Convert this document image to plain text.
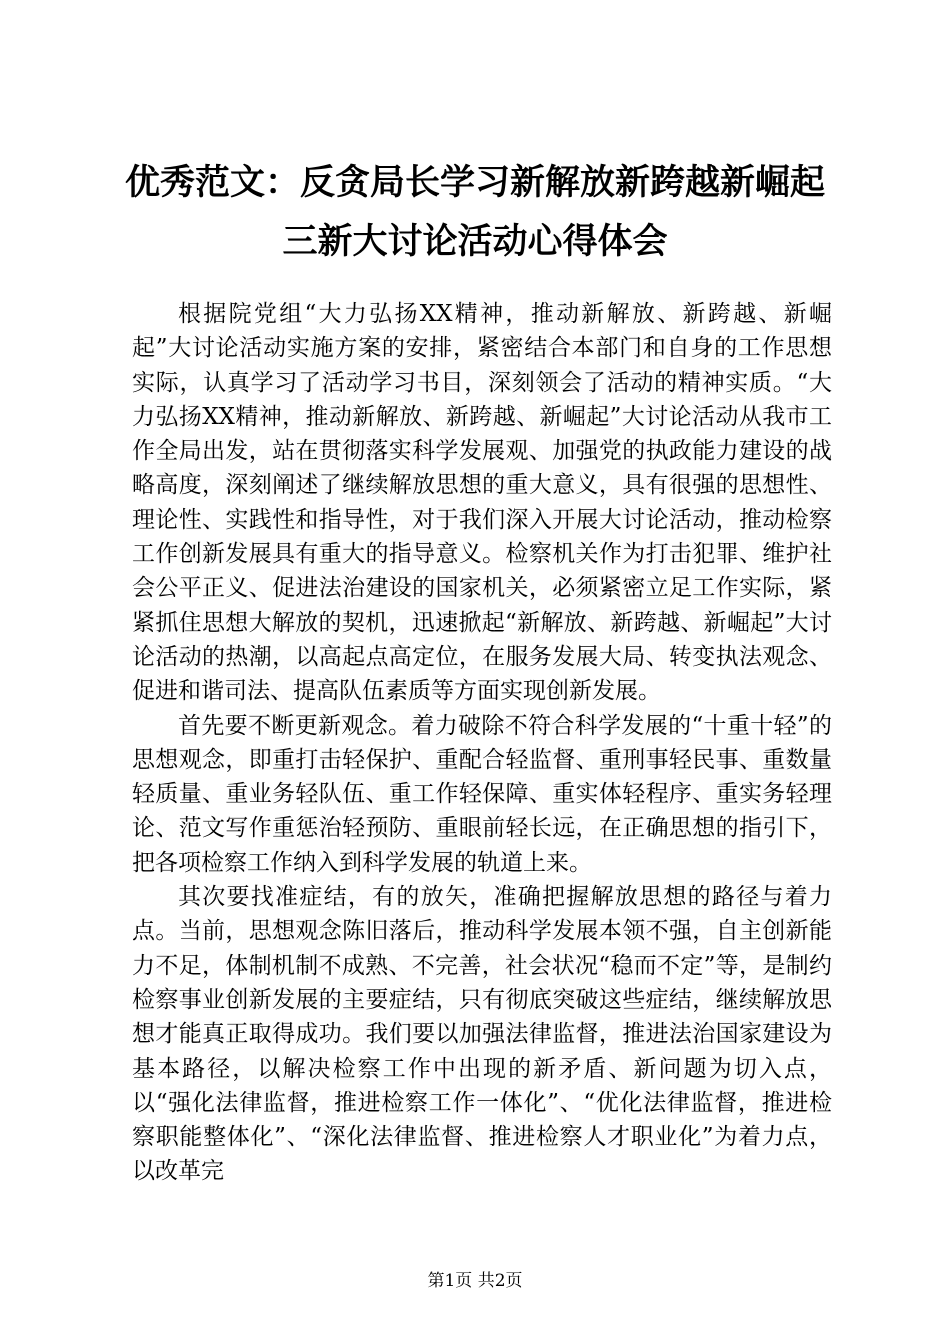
优秀范文：反贪局长学习新解放新跨越新崛起
三新大讨论活动心得体会

根据院党组“大力弘扬XX精神，推动新解放、新跨越、新崛起”大讨论活动实施方案的安排，紧密结合本部门和自身的工作思想实际，认真学习了活动学习书目，深刻领会了活动的精神实质。“大力弘扬XX精神，推动新解放、新跨越、新崛起”大讨论活动从我市工作全局出发，站在贯彻落实科学发展观、加强党的执政能力建设的战略高度，深刻阐述了继续解放思想的重大意义，具有很强的思想性、理论性、实践性和指导性，对于我们深入开展大讨论活动，推动检察工作创新发展具有重大的指导意义。检察机关作为打击犯罪、维护社会公平正义、促进法治建设的国家机关，必须紧密立足工作实际，紧紧抓住思想大解放的契机，迅速掀起“新解放、新跨越、新崛起”大讨论活动的热潮，以高起点高定位，在服务发展大局、转变执法观念、促进和谐司法、提高队伍素质等方面实现创新发展。

首先要不断更新观念。着力破除不符合科学发展的“十重十轻”的思想观念，即重打击轻保护、重配合轻监督、重刑事轻民事、重数量轻质量、重业务轻队伍、重工作轻保障、重实体轻程序、重实务轻理论、范文写作重惩治轻预防、重眼前轻长远，在正确思想的指引下，把各项检察工作纳入到科学发展的轨道上来。

其次要找准症结，有的放矢，准确把握解放思想的路径与着力点。当前，思想观念陈旧落后，推动科学发展本领不强，自主创新能力不足，体制机制不成熟、不完善，社会状况“稳而不定”等，是制约检察事业创新发展的主要症结，只有彻底突破这些症结，继续解放思想才能真正取得成功。我们要以加强法律监督，推进法治国家建设为基本路径，以解决检察工作中出现的新矛盾、新问题为切入点，以“强化法律监督，推进检察工作一体化”、“优化法律监督，推进检察职能整体化”、“深化法律监督、推进检察人才职业化”为着力点，以改革完

第1页 共2页
